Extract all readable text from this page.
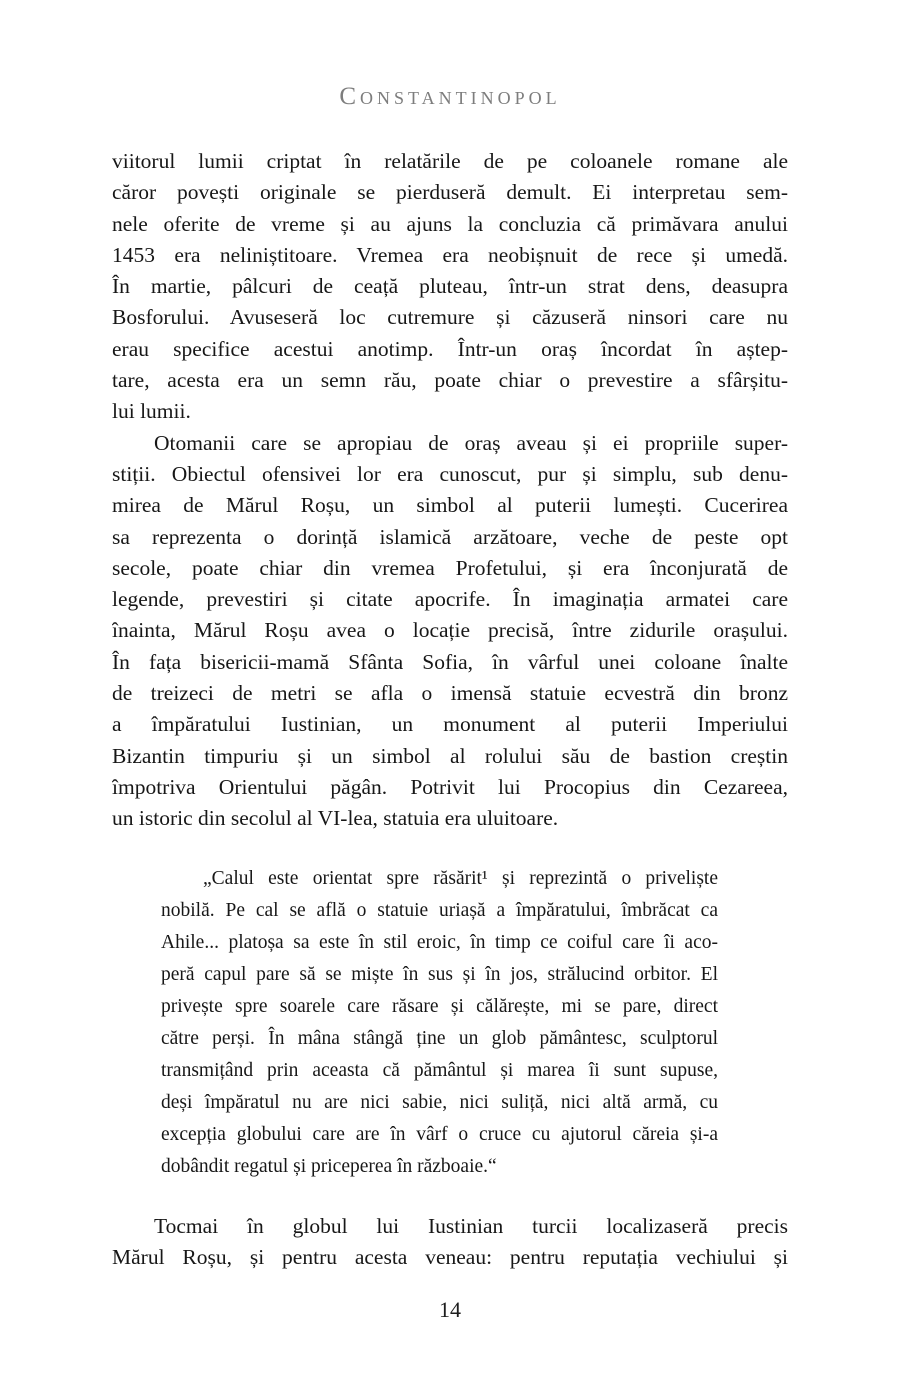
Constantinopol
viitorul lumii criptat în relatările de pe coloanele romane ale
căror povești originale se pierduseră demult. Ei interpretau sem-
nele oferite de vreme și au ajuns la concluzia că primăvara anului
1453 era neliniștitoare. Vremea era neobișnuit de rece și umedă.
În martie, pâlcuri de ceață pluteau, într-un strat dens, deasupra
Bosforului. Avuseseră loc cutremure și căzuseră ninsori care nu
erau specifice acestui anotimp. Într-un oraș încordat în aștep-
tare, acesta era un semn rău, poate chiar o prevestire a sfârșitu-
lui lumii.
Otomanii care se apropiau de oraș aveau și ei propriile super-
stiții. Obiectul ofensivei lor era cunoscut, pur și simplu, sub denu-
mirea de Mărul Roșu, un simbol al puterii lumești. Cucerirea
sa reprezenta o dorință islamică arzătoare, veche de peste opt
secole, poate chiar din vremea Profetului, și era înconjurată de
legende, prevestiri și citate apocrife. În imaginația armatei care
înainta, Mărul Roșu avea o locație precisă, între zidurile orașului.
În fața bisericii-mamă Sfânta Sofia, în vârful unei coloane înalte
de treizeci de metri se afla o imensă statuie ecvestră din bronz
a împăratului Iustinian, un monument al puterii Imperiului
Bizantin timpuriu și un simbol al rolului său de bastion creștin
împotriva Orientului păgân. Potrivit lui Procopius din Cezareea,
un istoric din secolul al VI-lea, statuia era uluitoare.
„Calul este orientat spre răsărit¹ și reprezintă o priveliște
nobilă. Pe cal se află o statuie uriașă a împăratului, îmbrăcat ca
Ahile... platoșa sa este în stil eroic, în timp ce coiful care îi aco-
peră capul pare să se miște în sus și în jos, strălucind orbitor. El
privește spre soarele care răsare și călărește, mi se pare, direct
către perși. În mâna stângă ține un glob pământesc, sculptorul
transmițând prin aceasta că pământul și marea îi sunt supuse,
deși împăratul nu are nici sabie, nici suliță, nici altă armă, cu
excepția globului care are în vârf o cruce cu ajutorul căreia și-a
dobândit regatul și priceperea în războaie.“
Tocmai în globul lui Iustinian turcii localizaseră precis
Mărul Roșu, și pentru acesta veneau: pentru reputația vechiului și
14
